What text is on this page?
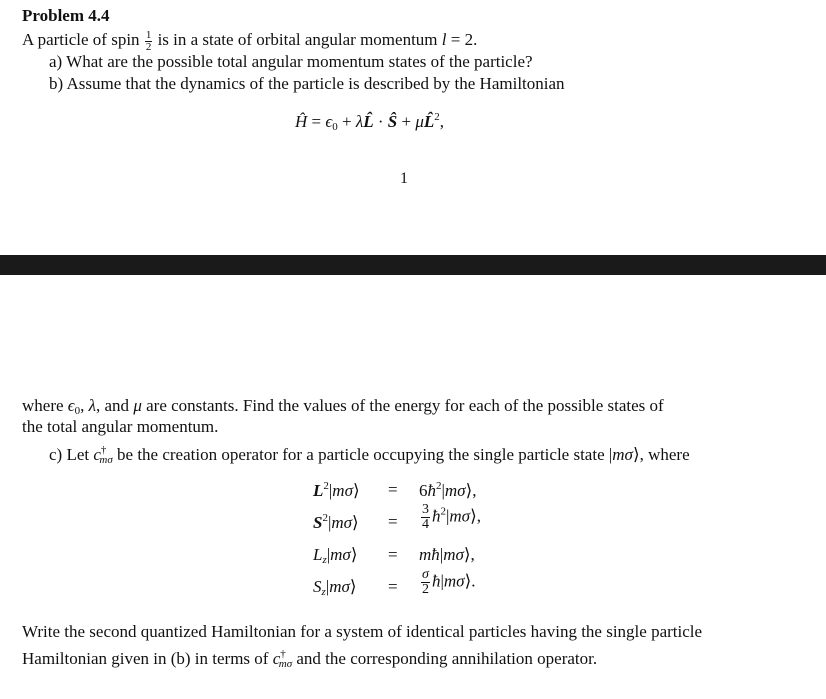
Problem 4.4
A particle of spin $\frac{1}{2}$ is in a state of orbital angular momentum l = 2.
a) What are the possible total angular momentum states of the particle?
b) Assume that the dynamics of the particle is described by the Hamiltonian
Ĥ = $\epsilon_0$ + λL̂ · Ŝ + μL̂$^2$,
1
where $\epsilon_0$, λ, and μ are constants. Find the values of the energy for each of the possible states of
the total angular momentum.
c) Let $c^\dagger_{m\sigma}$ be the creation operator for a particle occupying the single particle state |mσ⟩, where
$L^2|m\sigma⟩$ = $6ħ^2|m\sigma⟩$,
$S^2|m\sigma⟩ = \frac{3}{4}$ $ħ^2|m\sigma⟩$,
$L_z|m\sigma⟩$ = mħ|mσ⟩,
$S_z|m\sigma⟩ = \frac{\sigma}{2}$ ħ|mσ⟩.
Write the second quantized Hamiltonian for a system of identical particles having the single particle
Hamiltonian given in (b) in terms of $c^\dagger_{m\sigma}$ and the corresponding annihilation operator.
